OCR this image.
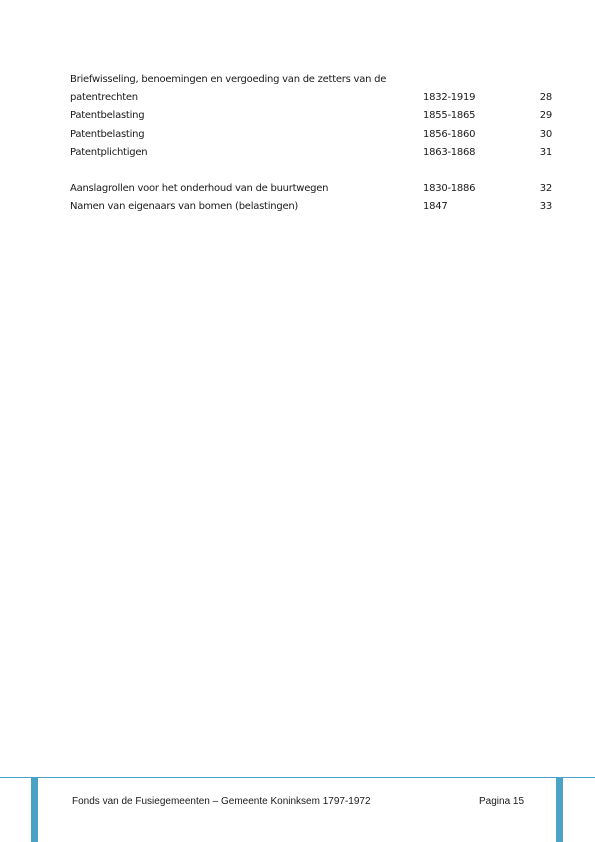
Briefwisseling, benoemingen en vergoeding van de zetters van de
patentrechten	1832-1919	28
Patentbelasting	1855-1865	29
Patentbelasting	1856-1860	30
Patentplichtigen	1863-1868	31
Aanslagrollen voor het onderhoud van de buurtwegen	1830-1886	32
Namen van eigenaars van bomen (belastingen)	1847	33
Fonds van de Fusiegemeenten – Gemeente Koninksem 1797-1972	Pagina 15
